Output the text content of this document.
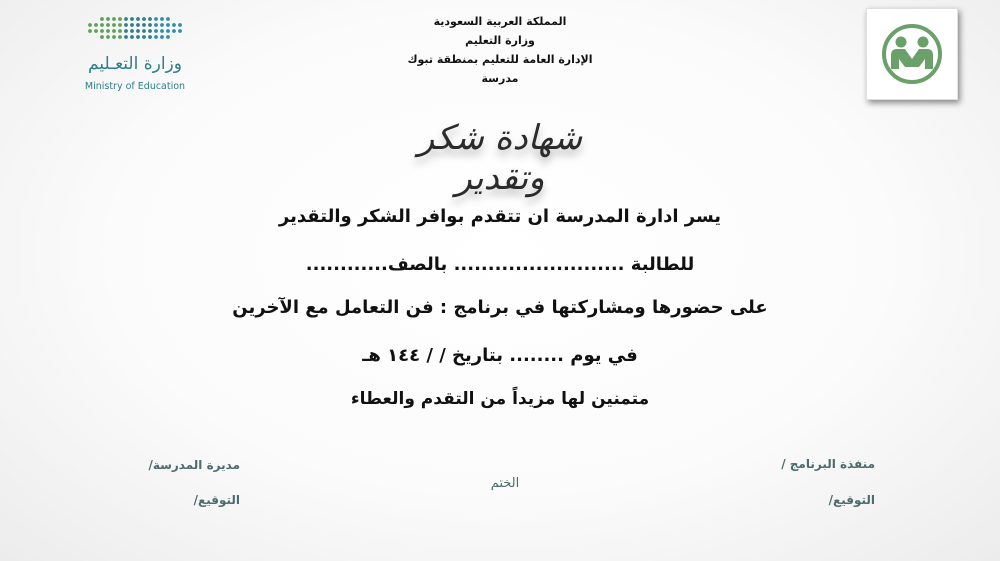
المملكة العربية السعودية
وزارة التعليم
الإدارة العامة للتعليم بمنطقة تبوك
مدرسة
وزارة التعـليم
Ministry of Education
شهادة شكر وتقدير
يسر ادارة المدرسة ان تتقدم بوافر الشكر والتقدير
للطالبة ......................... بالصف............
على حضورها ومشاركتها في برنامج : فن التعامل مع الآخرين
في يوم ........ بتاريخ / / ١٤٤ هـ
متمنين لها مزيداً من التقدم والعطاء
منفذة البرنامج /
التوقيع/
الختم
مديرة المدرسة/
التوقيع/
